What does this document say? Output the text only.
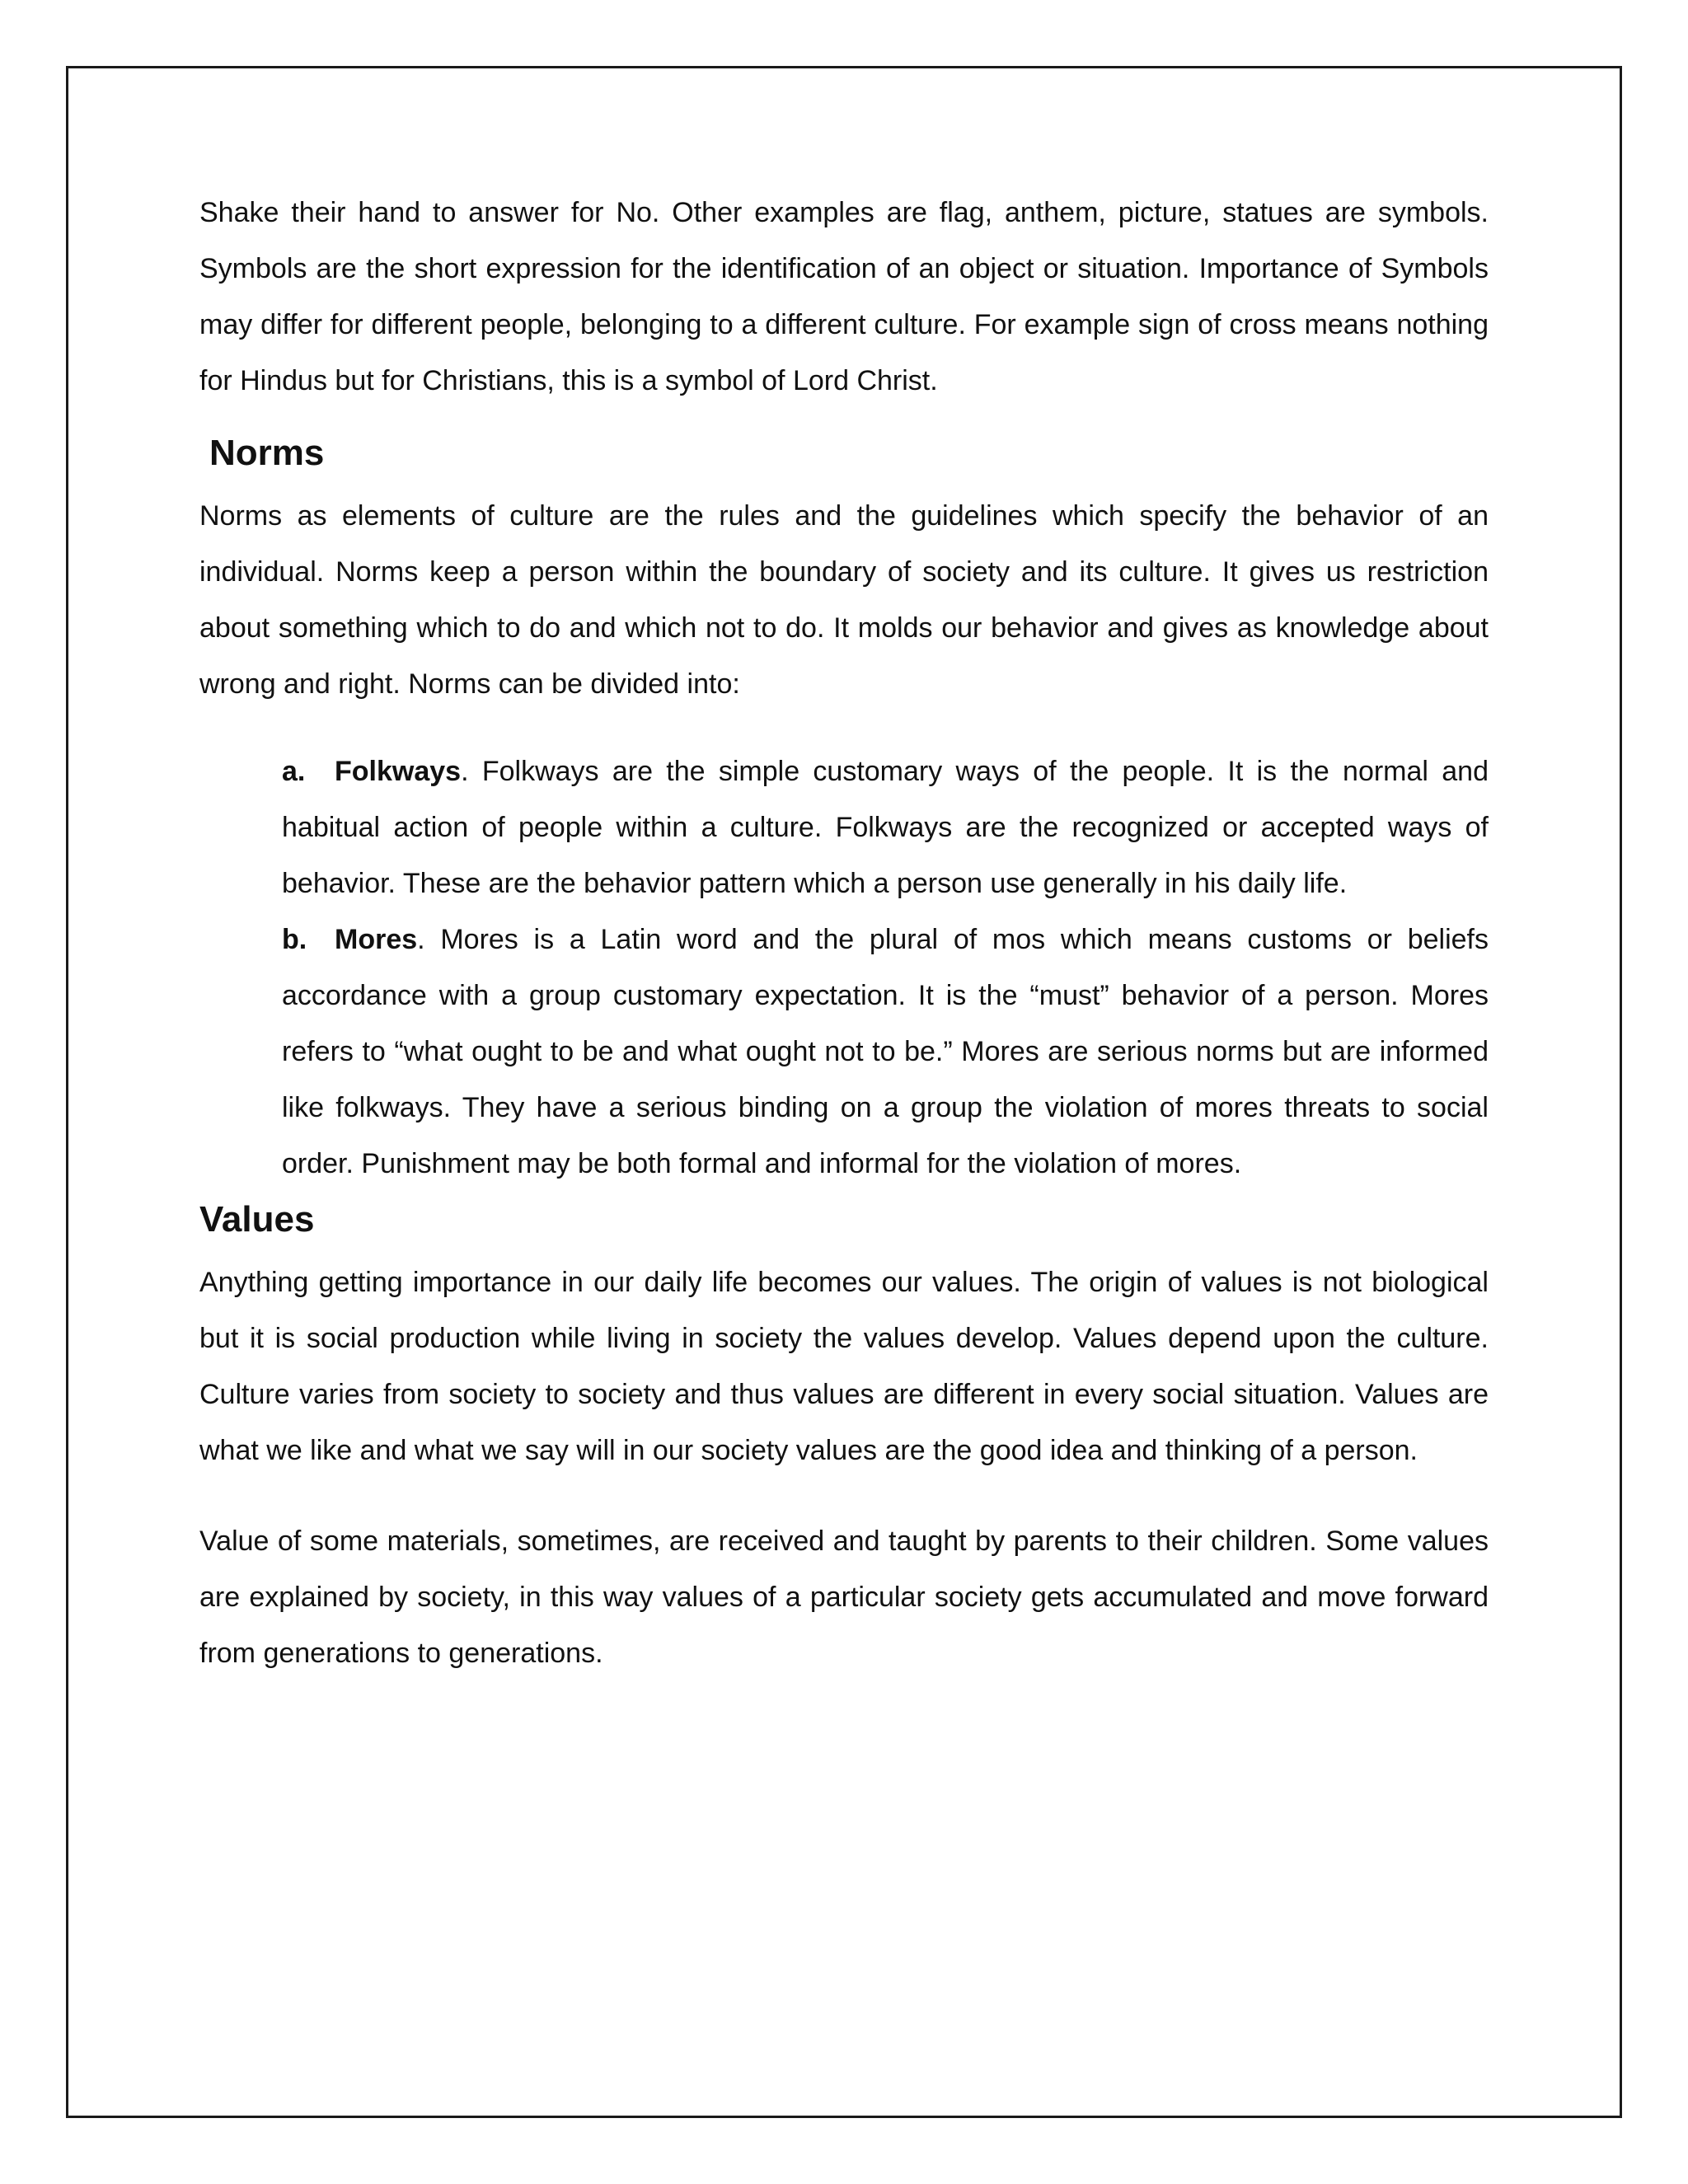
Shake their hand to answer for No. Other examples are flag, anthem, picture, statues are symbols. Symbols are the short expression for the identification of an object or situation. Importance of Symbols may differ for different people, belonging to a different culture. For example sign of cross means nothing for Hindus but for Christians, this is a symbol of Lord Christ.

Norms

Norms as elements of culture are the rules and the guidelines which specify the behavior of an individual. Norms keep a person within the boundary of society and its culture. It gives us restriction about something which to do and which not to do. It molds our behavior and gives as knowledge about wrong and right. Norms can be divided into:

a. Folkways. Folkways are the simple customary ways of the people. It is the normal and habitual action of people within a culture. Folkways are the recognized or accepted ways of behavior. These are the behavior pattern which a person use generally in his daily life.

b. Mores. Mores is a Latin word and the plural of mos which means customs or beliefs accordance with a group customary expectation. It is the “must” behavior of a person. Mores refers to “what ought to be and what ought not to be.” Mores are serious norms but are informed like folkways. They have a serious binding on a group the violation of mores threats to social order. Punishment may be both formal and informal for the violation of mores.

Values

Anything getting importance in our daily life becomes our values. The origin of values is not biological but it is social production while living in society the values develop. Values depend upon the culture. Culture varies from society to society and thus values are different in every social situation. Values are what we like and what we say will in our society values are the good idea and thinking of a person.

Value of some materials, sometimes, are received and taught by parents to their children. Some values are explained by society, in this way values of a particular society gets accumulated and move forward from generations to generations.
